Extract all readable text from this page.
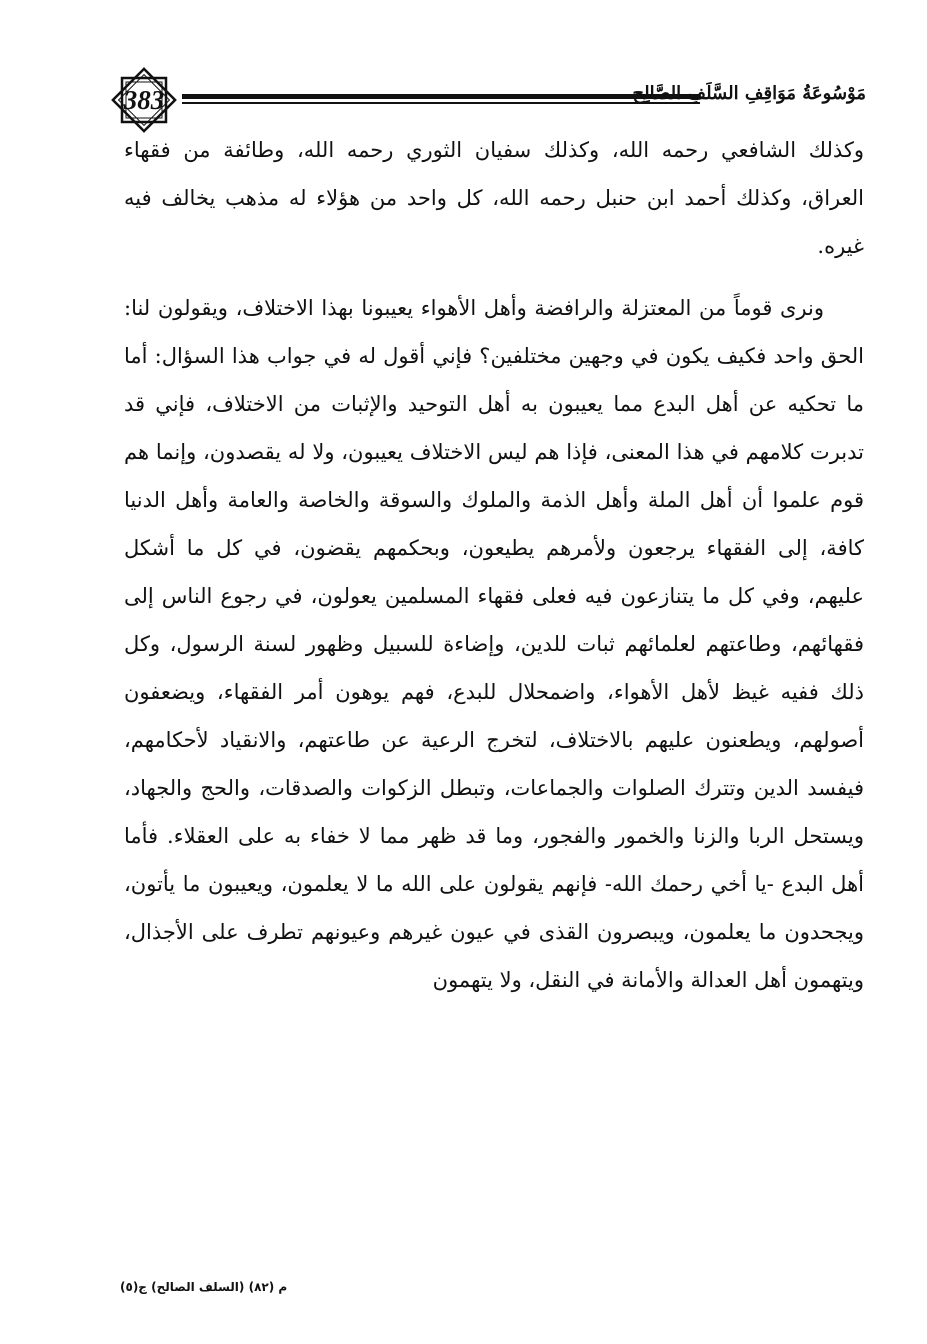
383	مَوْسُوعَةُ مَوَاقِفِ السَّلَفِ الصَّالِح

وكذلك الشافعي رحمه الله، وكذلك سفيان الثوري رحمه الله، وطائفة من فقهاء العراق، وكذلك أحمد ابن حنبل رحمه الله، كل واحد من هؤلاء له مذهب يخالف فيه غيره.

ونرى قوماً من المعتزلة والرافضة وأهل الأهواء يعيبونا بهذا الاختلاف، ويقولون لنا: الحق واحد فكيف يكون في وجهين مختلفين؟ فإني أقول له في جواب هذا السؤال: أما ما تحكيه عن أهل البدع مما يعيبون به أهل التوحيد والإثبات من الاختلاف، فإني قد تدبرت كلامهم في هذا المعنى، فإذا هم ليس الاختلاف يعيبون، ولا له يقصدون، وإنما هم قوم علموا أن أهل الملة وأهل الذمة والملوك والسوقة والخاصة والعامة وأهل الدنيا كافة، إلى الفقهاء يرجعون ولأمرهم يطيعون، وبحكمهم يقضون، في كل ما أشكل عليهم، وفي كل ما يتنازعون فيه فعلى فقهاء المسلمين يعولون، في رجوع الناس إلى فقهائهم، وطاعتهم لعلمائهم ثبات للدين، وإضاءة للسبيل وظهور لسنة الرسول، وكل ذلك ففيه غيظ لأهل الأهواء، واضمحلال للبدع، فهم يوهون أمر الفقهاء، ويضعفون أصولهم، ويطعنون عليهم بالاختلاف، لتخرج الرعية عن طاعتهم، والانقياد لأحكامهم، فيفسد الدين وتترك الصلوات والجماعات، وتبطل الزكوات والصدقات، والحج والجهاد، ويستحل الربا والزنا والخمور والفجور، وما قد ظهر مما لا خفاء به على العقلاء. فأما أهل البدع -يا أخي رحمك الله- فإنهم يقولون على الله ما لا يعلمون، ويعيبون ما يأتون، ويجحدون ما يعلمون، ويبصرون القذى في عيون غيرهم وعيونهم تطرف على الأجذال، ويتهمون أهل العدالة والأمانة في النقل، ولا يتهمون

م (٨٢) (السلف الصالح) ج(٥)
